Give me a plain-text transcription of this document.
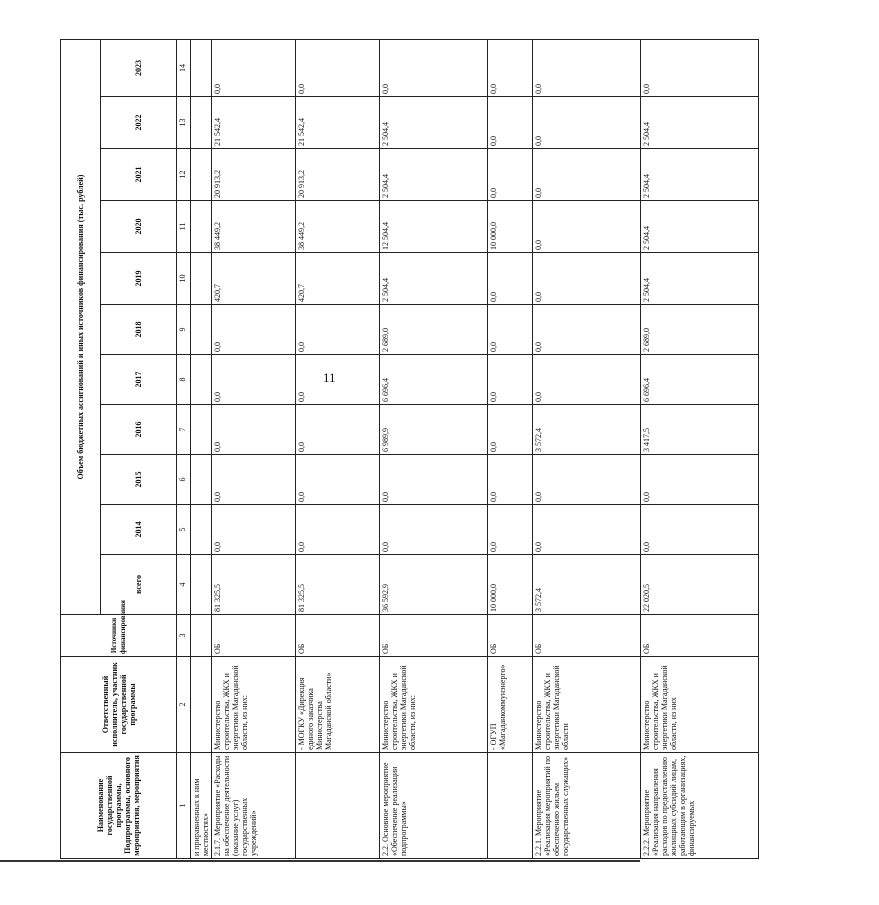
11
Наименование государственной программы, Подпрограммы, основного мероприятия, мероприятия	Ответственный исполнитель, участник государственной программы	Источники финансирования	Объем бюджетных ассигнований и иных источников финансирования (тыс. рублей)										
			всего	2014	2015	2016	2017	2018	2019	2020	2021	2022	2023
1	2	3	4	5	6	7	8	9	10	11	12	13	14
и приравненных к ним местностях»													
2.1.7. Мероприятие «Расходы на обеспечение деятельности (оказание услуг) государственных учреждений»	Министерство строительства, ЖКХ и энергетики Магаданской области, из них:	ОБ	81 325,5	0,0	0,0	0,0	0,0	0,0	420,7	38 449,2	20 913,2	21 542,4	0,0
	- МОГКУ «Дирекция единого заказчика Министерства Магаданской области»	ОБ	81 325,5	0,0	0,0	0,0	0,0	0,0	420,7	38 449,2	20 913,2	21 542,4	0,0
2.2. Основное мероприятие «Обеспечение реализации подпрограммы»	Министерство строительства, ЖКХ и энергетики Магаданской области, из них:	ОБ	36 592,9	0,0	0,0	6 989,9	6 696,4	2 689,0	2 504,4	12 504,4	2 504,4	2 504,4	0,0
	- ОГУП «Магаданкоммунэнерго»	ОБ	10 000,0	0,0	0,0	0,0	0,0	0,0	0,0	10 000,0	0,0	0,0	0,0
2.2.1. Мероприятие «Реализация мероприятий по обеспечению жильем государственных служащих»	Министерство строительства, ЖКХ и энергетики Магаданской области	ОБ	3 572,4	0,0	0,0	3 572,4	0,0	0,0	0,0	0,0	0,0	0,0	0,0
2.2.2. Мероприятие «Реализация направления расходов по предоставлению жилищных субсидий лицам, работающим в организациях, финансируемых	Министерство строительства, ЖКХ и энергетики Магаданской области, из них	ОБ	22 020,5	0,0	0,0	3 417,5	6 696,4	2 689,0	2 504,4	2 504,4	2 504,4	2 504,4	0,0
